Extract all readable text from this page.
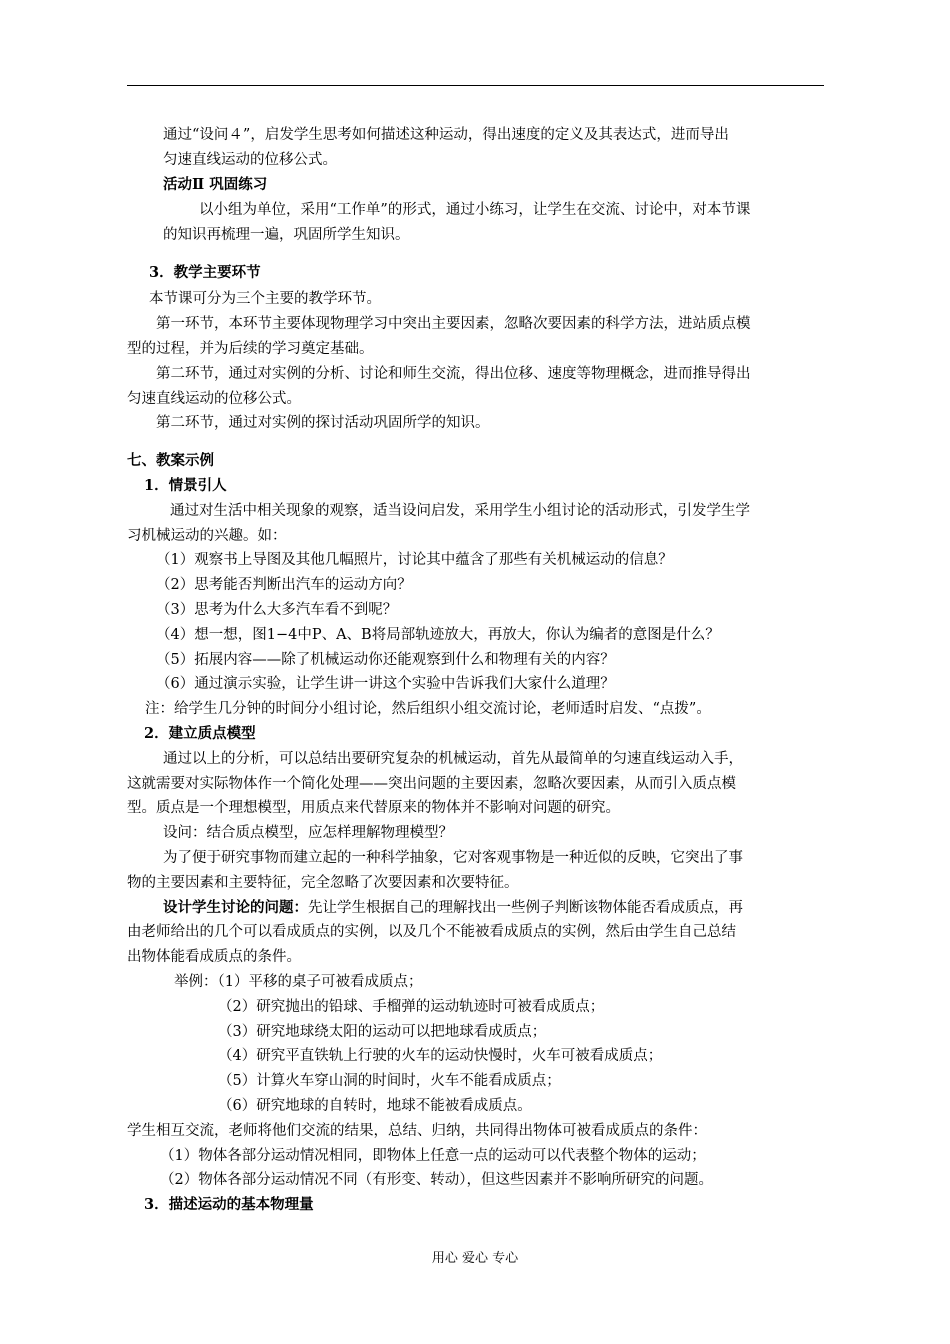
通过“设问４”，启发学生思考如何描述这种运动，得出速度的定义及其表达式，进而导出
匀速直线运动的位移公式。
活动Ⅱ 巩固练习
以小组为单位，采用“工作单”的形式，通过小练习，让学生在交流、讨论中，对本节课
的知识再梳理一遍，巩固所学生知识。
3．教学主要环节
本节课可分为三个主要的教学环节。
第一环节，本环节主要体现物理学习中突出主要因素，忽略次要因素的科学方法，进站质点模
型的过程，并为后续的学习奠定基础。
第二环节，通过对实例的分析、讨论和师生交流，得出位移、速度等物理概念，进而推导得出
匀速直线运动的位移公式。
第二环节，通过对实例的探讨活动巩固所学的知识。
七、教案示例
1．情景引人
通过对生活中相关现象的观察，适当设问启发，采用学生小组讨论的活动形式，引发学生学
习机械运动的兴趣。如：
（1）观察书上导图及其他几幅照片，讨论其中蕴含了那些有关机械运动的信息？
（2）思考能否判断出汽车的运动方向？
（3）思考为什么大多汽车看不到呢？
（4）想一想，图1−4中P、A、B将局部轨迹放大，再放大，你认为编者的意图是什么？
（5）拓展内容——除了机械运动你还能观察到什么和物理有关的内容？
（6）通过演示实验，让学生讲一讲这个实验中告诉我们大家什么道理？
注：给学生几分钟的时间分小组讨论，然后组织小组交流讨论，老师适时启发、“点拨”。
2．建立质点模型
通过以上的分析，可以总结出要研究复杂的机械运动，首先从最简单的匀速直线运动入手，
这就需要对实际物体作一个简化处理——突出问题的主要因素，忽略次要因素，从而引入质点模
型。质点是一个理想模型，用质点来代替原来的物体并不影响对问题的研究。
设问：结合质点模型，应怎样理解物理模型？
为了便于研究事物而建立起的一种科学抽象，它对客观事物是一种近似的反映，它突出了事
物的主要因素和主要特征，完全忽略了次要因素和次要特征。
设计学生讨论的问题：先让学生根据自己的理解找出一些例子判断该物体能否看成质点，再
由老师给出的几个可以看成质点的实例，以及几个不能被看成质点的实例，然后由学生自己总结
出物体能看成质点的条件。
举例：（1）平移的桌子可被看成质点；
（2）研究抛出的铅球、手榴弹的运动轨迹时可被看成质点；
（3）研究地球绕太阳的运动可以把地球看成质点；
（4）研究平直铁轨上行驶的火车的运动快慢时，火车可被看成质点；
（5）计算火车穿山洞的时间时，火车不能看成质点；
（6）研究地球的自转时，地球不能被看成质点。
学生相互交流，老师将他们交流的结果，总结、归纳，共同得出物体可被看成质点的条件：
（1）物体各部分运动情况相同，即物体上任意一点的运动可以代表整个物体的运动；
（2）物体各部分运动情况不同（有形变、转动），但这些因素并不影响所研究的问题。
3．描述运动的基本物理量
用心 爱心 专心
